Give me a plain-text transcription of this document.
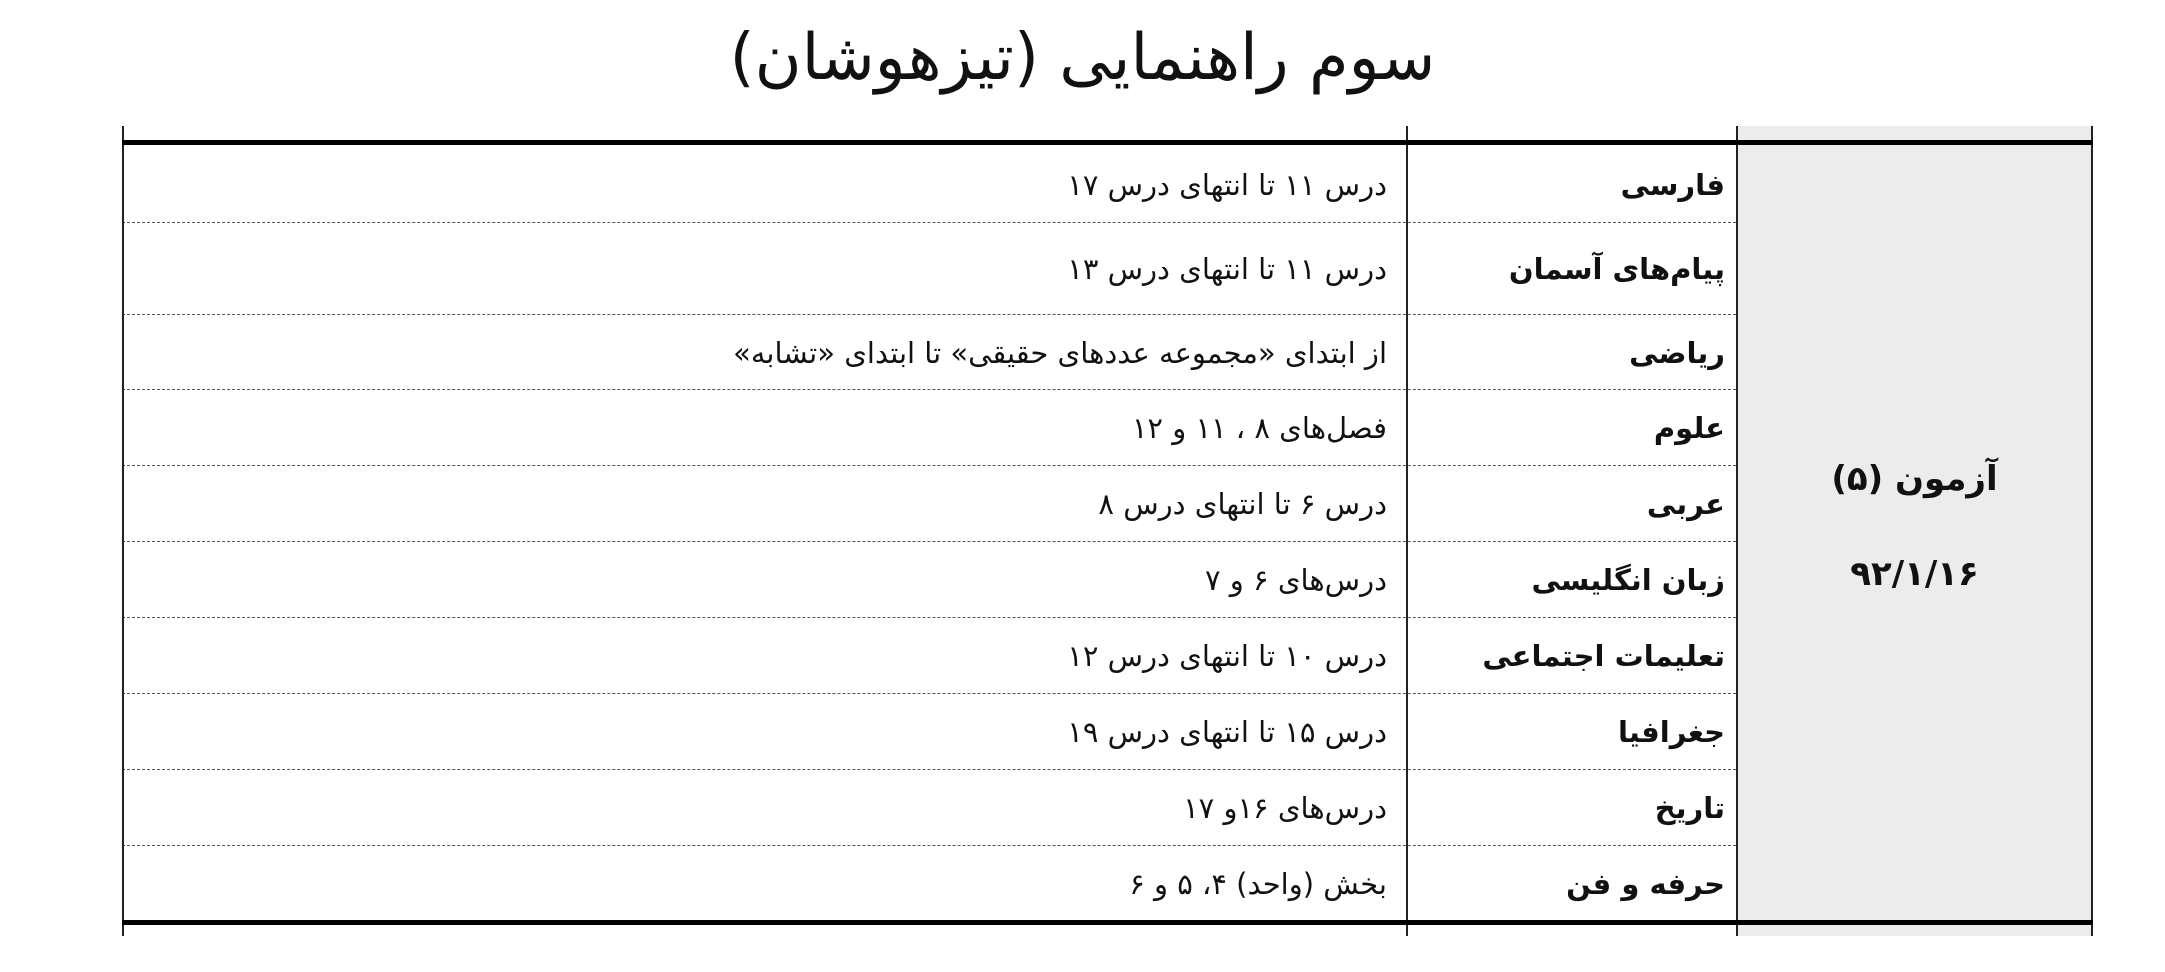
سوم راهنمایی (تیزهوشان)
آزمون (۵)
۹۲/۱/۱۶
فارسی
درس ۱۱ تا انتهای درس ۱۷
پیام‌های آسمان
درس ۱۱ تا انتهای درس ۱۳
ریاضی
از ابتدای «مجموعه عددهای حقیقی» تا ابتدای «تشابه»
علوم
فصل‌های ۸ ، ۱۱ و ۱۲
عربی
درس ۶ تا انتهای درس ۸
زبان انگلیسی
درس‌های ۶ و ۷
تعلیمات اجتماعی
درس ۱۰ تا انتهای درس ۱۲
جغرافیا
درس ۱۵ تا انتهای درس ۱۹
تاریخ
درس‌های ۱۶و ۱۷
حرفه و فن
بخش (واحد) ۴، ۵ و ۶
